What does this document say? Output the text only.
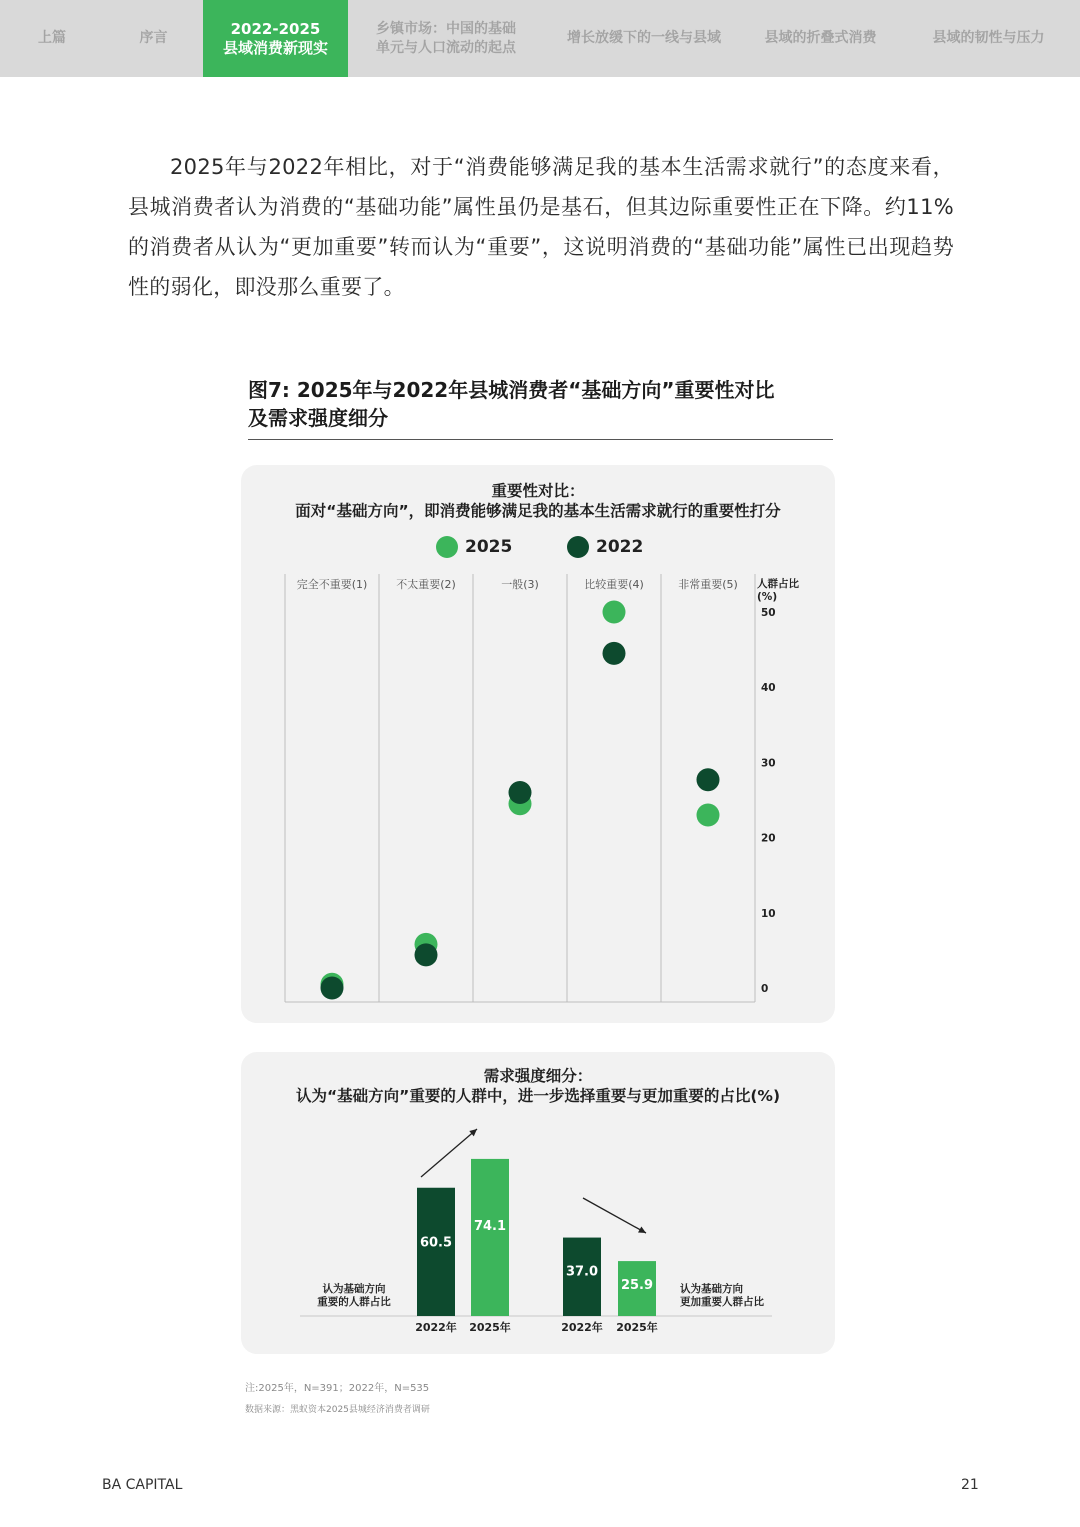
上篇	序言
2022-2025
县域消费新现实
乡镇市场：中国的基础
单元与人口流动的起点
增长放缓下的一线与县域	县域的折叠式消费	县域的韧性与压力
2025年与2022年相比，对于“消费能够满足我的基本生活需求就行”的态度来看，县城消费者认为消费的“基础功能”属性虽仍是基石，但其边际重要性正在下降。约11%的消费者从认为“更加重要”转而认为“重要”，这说明消费的“基础功能”属性已出现趋势性的弱化，即没那么重要了。
图7: 2025年与2022年县城消费者“基础方向”重要性对比
及需求强度细分
重要性对比：
面对“基础方向”，即消费能够满足我的基本生活需求就行的重要性打分
2025	2022
完全不重要(1)	不太重要(2)	一般(3)	比较重要(4)	非常重要(5) 人群占比
(%)
0
10
20
30
40
50
需求强度细分：
认为“基础方向”重要的人群中，进一步选择重要与更加重要的占比(%)
60.5
2022年
74.1
2025年
认为基础方向
重要的人群占比
37.0
2022年
25.9
2025年
认为基础方向
更加重要人群占比
注:2025年，N=391；2022年，N=535
数据来源：黑蚁资本2025县城经济消费者调研
BA CAPITAL	21
